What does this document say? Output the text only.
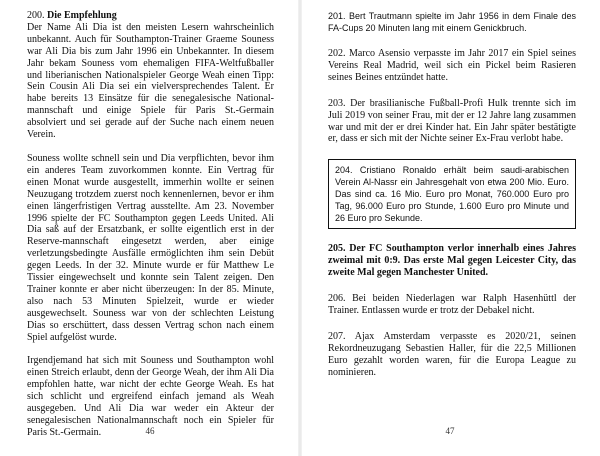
200. Die Empfehlung

Der Name Ali Dia ist den meisten Lesern wahrscheinlich unbekannt. Auch für Southampton-Trainer Graeme Souness war Ali Dia bis zum Jahr 1996 ein Unbekannter. In diesem Jahr bekam Souness vom ehemaligen FIFA-Weltfußballer und liberianischen Nationalspieler George Weah einen Tipp: Sein Cousin Ali Dia sei ein vielversprechendes Talent. Er habe bereits 13 Einsätze für die senegalesische National-mannschaft und einige Spiele für Paris St.-Germain absolviert und sei gerade auf der Suche nach einem neuen Verein.

Souness wollte schnell sein und Dia verpflichten, bevor ihm ein anderes Team zuvorkommen konnte. Ein Vertrag für einen Monat wurde ausgestellt, immerhin wollte er seinen Neuzugang trotzdem zuerst noch kennenlernen, bevor er ihm einen längerfristigen Vertrag ausstellte. Am 23. November 1996 spielte der FC Southampton gegen Leeds United. Ali Dia saß auf der Ersatzbank, er sollte eigentlich erst in der Reserve-mannschaft eingesetzt werden, aber einige verletzungsbedingte Ausfälle ermöglichten ihm sein Debüt gegen Leeds. In der 32. Minute wurde er für Matthew Le Tissier eingewechselt und konnte sein Talent zeigen. Den Trainer konnte er aber nicht überzeugen: In der 85. Minute, also nach 53 Minuten Spielzeit, wurde er wieder ausgewechselt. Souness war von der schlechten Leistung Dias so erschüttert, dass dessen Vertrag schon nach einem Spiel aufgelöst wurde.

Irgendjemand hat sich mit Souness und Southampton wohl einen Streich erlaubt, denn der George Weah, der ihm Ali Dia empfohlen hatte, war nicht der echte George Weah. Es hat sich schlicht und ergreifend einfach jemand als Weah ausgegeben. Und Ali Dia war weder ein Akteur der senegalesischen Nationalmannschaft noch ein Spieler für Paris St.-Germain.	46

201. Bert Trautmann spielte im Jahr 1956 in dem Finale des FA-Cups 20 Minuten lang mit einem Genickbruch.

202. Marco Asensio verpasste im Jahr 2017 ein Spiel seines Vereins Real Madrid, weil sich ein Pickel beim Rasieren seines Beines entzündet hatte.

203. Der brasilianische Fußball-Profi Hulk trennte sich im Juli 2019 von seiner Frau, mit der er 12 Jahre lang zusammen war und mit der er drei Kinder hat. Ein Jahr später bestätigte er, dass er sich mit der Nichte seiner Ex-Frau verlobt habe.

204. Cristiano Ronaldo erhält beim saudi-arabischen Verein Al-Nassr ein Jahresgehalt von etwa 200 Mio. Euro. Das sind ca. 16 Mio. Euro pro Monat, 760.000 Euro pro Tag, 96.000 Euro pro Stunde, 1.600 Euro pro Minute und 26 Euro pro Sekunde.

205. Der FC Southampton verlor innerhalb eines Jahres zweimal mit 0:9. Das erste Mal gegen Leicester City, das zweite Mal gegen Manchester United.

206. Bei beiden Niederlagen war Ralph Hasenhüttl der Trainer. Entlassen wurde er trotz der Debakel nicht.

207. Ajax Amsterdam verpasste es 2020/21, seinen Rekordneuzugang Sebastien Haller, für die 22,5 Millionen Euro gezahlt worden waren, für die Europa League zu nominieren.

47
